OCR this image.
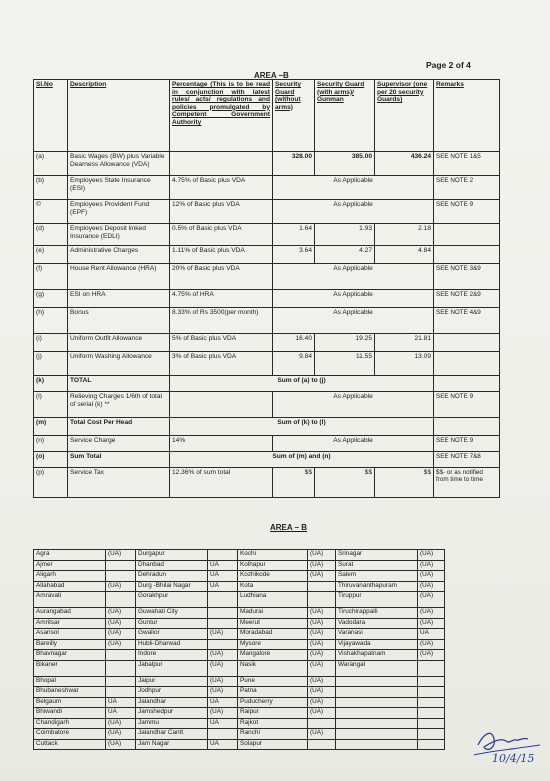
Page 2 of 4
AREA –B
Sl.No	Description	Percentage (This is to be read in conjunction with latest rules/ acts/ regulations and policies promulgated by Competent Government Authority	Security Guard (without arms)	Security Guard (with arms)/ Gunman	Supervisor (one per 20 security Guards)	Remarks
(a)	Basic Wages (BW) plus Variable Dearness Allowance (VDA)		328.00	385.00	436.24	SEE NOTE 1&5
(b)	Employees State Insurance (ESI)	4.75% of Basic plus VDA	As Applicable			SEE NOTE 2
©	Employees Provident Fund (EPF)	12% of Basic plus VDA	As Applicable			SEE NOTE 9
(d)	Employees Deposit linked Insurance (EDLI)	0.5% of Basic plus VDA	1.64	1.93	2.18	
(e)	Administrative Charges	1.11% of Basic plus VDA	3.64	4.27	4.84	
(f)	House Rent Allowance (HRA)	20% of Basic plus VDA	As Applicable			SEE NOTE 3&9
(g)	ESI on HRA	4.75% of HRA	As Applicable			SEE NOTE 2&9
(h)	Bonus	8.33% of Rs 3500(per month)	As Applicable			SEE NOTE 4&9
(i)	Uniform Outfit Allowance	5% of Basic plus VDA	16.40	19.25	21.81	
(j)	Uniform Washing Allowance	3% of Basic plus VDA	9.84	11.55	13.09	
(k)	TOTAL	Sum of (a) to (j)				
(l)	Relieving Charges 1/6th of total of serial (k) **		As Applicable			SEE NOTE 9
(m)	Total Cost Per Head	Sum of (k) to (l)				
(n)	Service Charge	14%	As Applicable			SEE NOTE 9
(o)	Sum Total	Sum of (m) and (n)				SEE NOTE 7&8
(p)	Service Tax	12.36% of sum total	$$	$$	$$	$$- or as notified from time to time
AREA – B
Agra	(UA)	Durgapur		Kochi	(UA)	Srinagar	(UA)
Ajmer		Dhanbad	UA	Kolhapur	(UA)	Surat	(UA)
Aligarh		Dehradun	UA	Kozhikode	(UA)	Salem	(UA)
Allahabad	(UA)	Durg -Bhilai Nagar	UA	Kota		Thiruvananthapuram	(UA)
Amravati		Gorakhpur		Ludhiana		Tiruppur	(UA)
Aurangabad	(UA)	Guwahati City		Madurai	(UA)	Tiruchirappalli	(UA)
Amritsar	(UA)	Guntur		Meerut	(UA)	Vadodara	(UA)
Asansol	(UA)	Gwalior	(UA)	Moradabad	(UA)	Varanasi	UA
Bareilly	(UA)	Hubli-Dharwad		Mysore	(UA)	Vijayawada	(UA)
Bhavnagar		Indore	(UA)	Mangalore	(UA)	Vishakhapatnam	(UA)
Bikaner		Jabalpur	(UA)	Nasik	(UA)	Warangal	
Bhopal		Jaipur	(UA)	Pune	(UA)		
Bhubaneshwar		Jodhpur	(UA)	Patna	(UA)		
Belgaum	UA	Jalandhar	UA	Puducherry	(UA)		
Bhiwandi	UA	Jamshedpur	(UA)	Raipur	(UA)		
Chandigarh	(UA)	Jammu	UA	Rajkot			
Coimbatore	(UA)	Jalandhar Cantt		Ranchi	(UA)		
Cuttack	(UA)	Jam Nagar	UA	Solapur			
10/4/15
